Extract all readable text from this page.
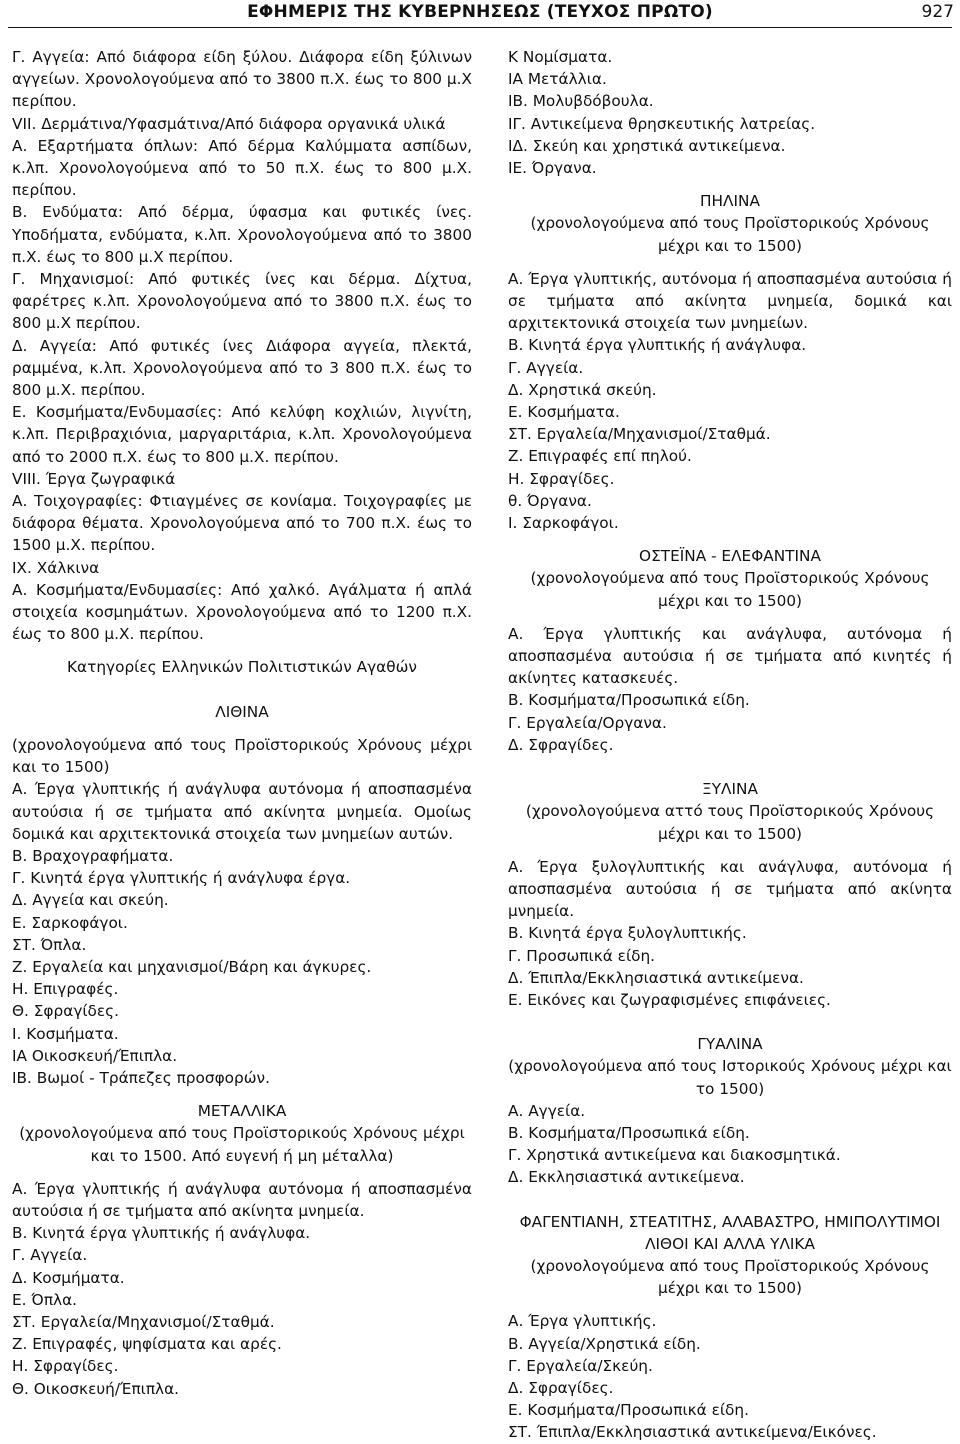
ΕΦΗΜΕΡΙΣ ΤΗΣ ΚΥΒΕΡΝΗΣΕΩΣ (ΤΕΥΧΟΣ ΠΡΩΤΟ)	927

Γ. Αγγεία: Από διάφορα είδη ξύλου. Διάφορα είδη ξύλινων αγγείων. Χρονολογούμενα από το 3800 π.Χ. έως το 800 μ.Χ περίπου.

VII. Δερμάτινα/Υφασμάτινα/Από διάφορα οργανικά υλικά

Α. Εξαρτήματα όπλων: Από δέρμα Καλύμματα ασπίδων, κ.λπ. Χρονολογούμενα από το 50 π.Χ. έως το 800 μ.Χ. περίπου.

Β. Ενδύματα: Από δέρμα, ύφασμα και φυτικές ίνες. Υποδήματα, ενδύματα, κ.λπ. Χρονολογούμενα από το 3800 π.Χ. έως το 800 μ.Χ περίπου.

Γ. Μηχανισμοί: Από φυτικές ίνες και δέρμα. Δίχτυα, φαρέτρες κ.λπ. Χρονολογούμενα από το 3800 π.Χ. έως το 800 μ.Χ περίπου.

Δ. Αγγεία: Από φυτικές ίνες Διάφορα αγγεία, πλεκτά, ραμμένα, κ.λπ. Χρονολογούμενα από το 3 800 π.Χ. έως το 800 μ.Χ. περίπου.

Ε. Κοσμήματα/Ενδυμασίες: Από κελύφη κοχλιών, λιγνίτη, κ.λπ. Περιβραχιόνια, μαργαριτάρια, κ.λπ. Χρονολογούμενα από το 2000 π.Χ. έως το 800 μ.Χ. περίπου.

VIII. Έργα ζωγραφικά

Α. Τοιχογραφίες: Φτιαγμένες σε κονίαμα. Τοιχογραφίες με διάφορα θέματα. Χρονολογούμενα από το 700 π.Χ. έως το 1500 μ.Χ. περίπου.

IX. Χάλκινα

Α. Κοσμήματα/Ενδυμασίες: Από χαλκό. Αγάλματα ή απλά στοιχεία κοσμημάτων. Χρονολογούμενα από το 1200 π.Χ. έως το 800 μ.Χ. περίπου.

Κατηγορίες Ελληνικών Πολιτιστικών Αγαθών

ΛΙΘΙΝΑ

(χρονολογούμενα από τους Προϊστορικούς Χρόνους μέχρι και το 1500)

Α. Έργα γλυπτικής ή ανάγλυφα αυτόνομα ή αποσπασμένα αυτούσια ή σε τμήματα από ακίνητα μνημεία. Ομοίως δομικά και αρχιτεκτονικά στοιχεία των μνημείων αυτών.

Β. Βραχογραφήματα.

Γ. Κινητά έργα γλυπτικής ή ανάγλυφα έργα.

Δ. Αγγεία και σκεύη.

Ε. Σαρκοφάγοι.

ΣΤ. Όπλα.

Ζ. Εργαλεία και μηχανισμοί/Βάρη και άγκυρες.

Η. Επιγραφές.

Θ. Σφραγίδες.

Ι. Κοσμήματα.

ΙΑ Οικοσκευή/Έπιπλα.

ΙΒ. Βωμοί - Τράπεζες προσφορών.

ΜΕΤΑΛΛΙΚΑ

(χρονολογούμενα από τους Προϊστορικούς Χρόνους μέχρι και το 1500. Από ευγενή ή μη μέταλλα)

Α. Έργα γλυπτικής ή ανάγλυφα αυτόνομα ή αποσπασμένα αυτούσια ή σε τμήματα από ακίνητα μνημεία.

Β. Κινητά έργα γλυπτικής ή ανάγλυφα.

Γ. Αγγεία.

Δ. Κοσμήματα.

Ε. Όπλα.

ΣΤ. Εργαλεία/Μηχανισμοί/Σταθμά.

Ζ. Επιγραφές, ψηφίσματα και αρές.

Η. Σφραγίδες.

Θ. Οικοσκευή/Έπιπλα.

Κ Νομίσματα.

ΙΑ Μετάλλια.

ΙΒ. Μολυβδόβουλα.

ΙΓ. Αντικείμενα θρησκευτικής λατρείας.

ΙΔ. Σκεύη και χρηστικά αντικείμενα.

ΙΕ. Όργανα.

ΠΗΛΙΝΑ

(χρονολογούμενα από τους Προϊστορικούς Χρόνους μέχρι και το 1500)

Α. Έργα γλυπτικής, αυτόνομα ή αποσπασμένα αυτούσια ή σε τμήματα από ακίνητα μνημεία, δομικά και αρχιτεκτονικά στοιχεία των μνημείων.

Β. Κινητά έργα γλυπτικής ή ανάγλυφα.

Γ. Αγγεία.

Δ. Χρηστικά σκεύη.

Ε. Κοσμήματα.

ΣΤ. Εργαλεία/Μηχανισμοί/Σταθμά.

Ζ. Επιγραφές επί πηλού.

Η. Σφραγίδες.

θ. Όργανα.

Ι. Σαρκοφάγοι.

ΟΣΤΕΪΝΑ - ΕΛΕΦΑΝΤΙΝΑ

(χρονολογούμενα από τους Προϊστορικούς Χρόνους μέχρι και το 1500)

Α. Έργα γλυπτικής και ανάγλυφα, αυτόνομα ή αποσπασμένα αυτούσια ή σε τμήματα από κινητές ή ακίνητες κατασκευές.

Β. Κοσμήματα/Προσωπικά είδη.

Γ. Εργαλεία/Οργανα.

Δ. Σφραγίδες.

ΞΥΛΙΝΑ

(χρονολογούμενα αττό τους Προϊστορικούς Χρόνους μέχρι και το 1500)

Α. Έργα ξυλογλυπτικής και ανάγλυφα, αυτόνομα ή αποσπασμένα αυτούσια ή σε τμήματα από ακίνητα μνημεία.

Β. Κινητά έργα ξυλογλυπτικής.

Γ. Προσωπικά είδη.

Δ. Έπιπλα/Εκκλησιαστικά αντικείμενα.

Ε. Εικόνες και ζωγραφισμένες επιφάνειες.

ΓΥΑΛΙΝΑ

(χρονολογούμενα από τους Ιστορικούς Χρόνους μέχρι και το 1500)

Α. Αγγεία.

Β. Κοσμήματα/Προσωπικά είδη.

Γ. Χρηστικά αντικείμενα και διακοσμητικά.

Δ. Εκκλησιαστικά αντικείμενα.

ΦΑΓΕΝΤΙΑΝΗ, ΣΤΕΑΤΙΤΗΣ, ΑΛΑΒΑΣΤΡΟ, ΗΜΙΠΟΛΥΤΙΜΟΙ ΛΙΘΟΙ ΚΑΙ ΑΛΛΑ ΥΛΙΚΑ

(χρονολογούμενα από τους Προϊστορικούς Χρόνους μέχρι και το 1500)

Α. Έργα γλυπτικής.

Β. Αγγεία/Χρηστικά είδη.

Γ. Εργαλεία/Σκεύη.

Δ. Σφραγίδες.

Ε. Κοσμήματα/Προσωπικά είδη.

ΣΤ. Έπιπλα/Εκκλησιαστικά αντικείμενα/Εικόνες.
